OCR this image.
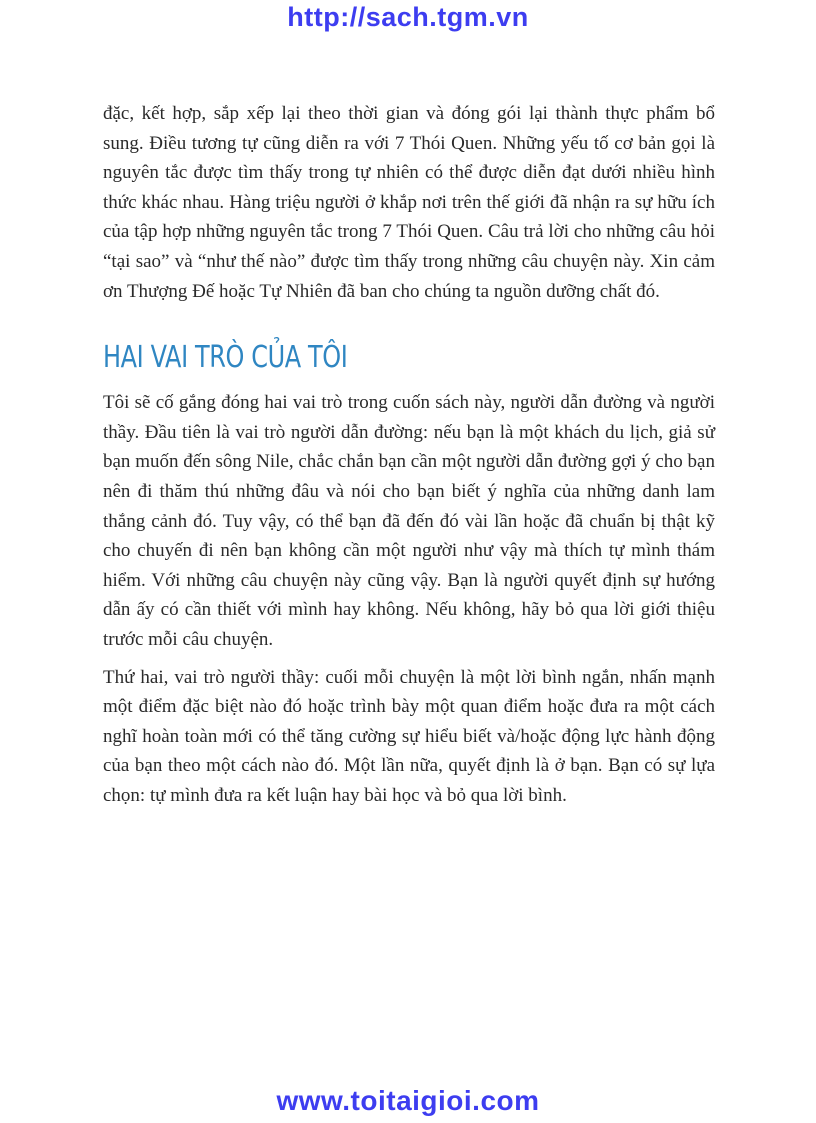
http://sach.tgm.vn

đặc, kết hợp, sắp xếp lại theo thời gian và đóng gói lại thành thực phẩm bổ sung. Điều tương tự cũng diễn ra với 7 Thói Quen. Những yếu tố cơ bản gọi là nguyên tắc được tìm thấy trong tự nhiên có thể được diễn đạt dưới nhiều hình thức khác nhau. Hàng triệu người ở khắp nơi trên thế giới đã nhận ra sự hữu ích của tập hợp những nguyên tắc trong 7 Thói Quen. Câu trả lời cho những câu hỏi “tại sao” và “như thế nào” được tìm thấy trong những câu chuyện này. Xin cảm ơn Thượng Đế hoặc Tự Nhiên đã ban cho chúng ta nguồn dưỡng chất đó.

HAI VAI TRÒ CỦA TÔI

Tôi sẽ cố gắng đóng hai vai trò trong cuốn sách này, người dẫn đường và người thầy. Đầu tiên là vai trò người dẫn đường: nếu bạn là một khách du lịch, giả sử bạn muốn đến sông Nile, chắc chắn bạn cần một người dẫn đường gợi ý cho bạn nên đi thăm thú những đâu và nói cho bạn biết ý nghĩa của những danh lam thắng cảnh đó. Tuy vậy, có thể bạn đã đến đó vài lần hoặc đã chuẩn bị thật kỹ cho chuyến đi nên bạn không cần một người như vậy mà thích tự mình thám hiểm. Với những câu chuyện này cũng vậy. Bạn là người quyết định sự hướng dẫn ấy có cần thiết với mình hay không. Nếu không, hãy bỏ qua lời giới thiệu trước mỗi câu chuyện.

Thứ hai, vai trò người thầy: cuối mỗi chuyện là một lời bình ngắn, nhấn mạnh một điểm đặc biệt nào đó hoặc trình bày một quan điểm hoặc đưa ra một cách nghĩ hoàn toàn mới có thể tăng cường sự hiểu biết và/hoặc động lực hành động của bạn theo một cách nào đó. Một lần nữa, quyết định là ở bạn. Bạn có sự lựa chọn: tự mình đưa ra kết luận hay bài học và bỏ qua lời bình.

www.toitaigioi.com
